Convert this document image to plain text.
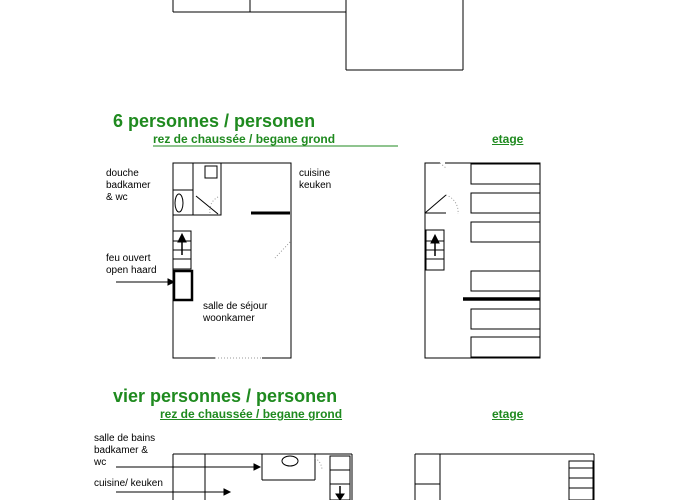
6 personnes / personen
rez de chaussée / begane grond	etage
douche
badkamer
& wc
cuisine
keuken
feu ouvert
open haard
salle de séjour
woonkamer
vier personnes / personen
rez de chaussée / begane grond	etage
salle de bains
badkamer &
wc
cuisine/ keuken
